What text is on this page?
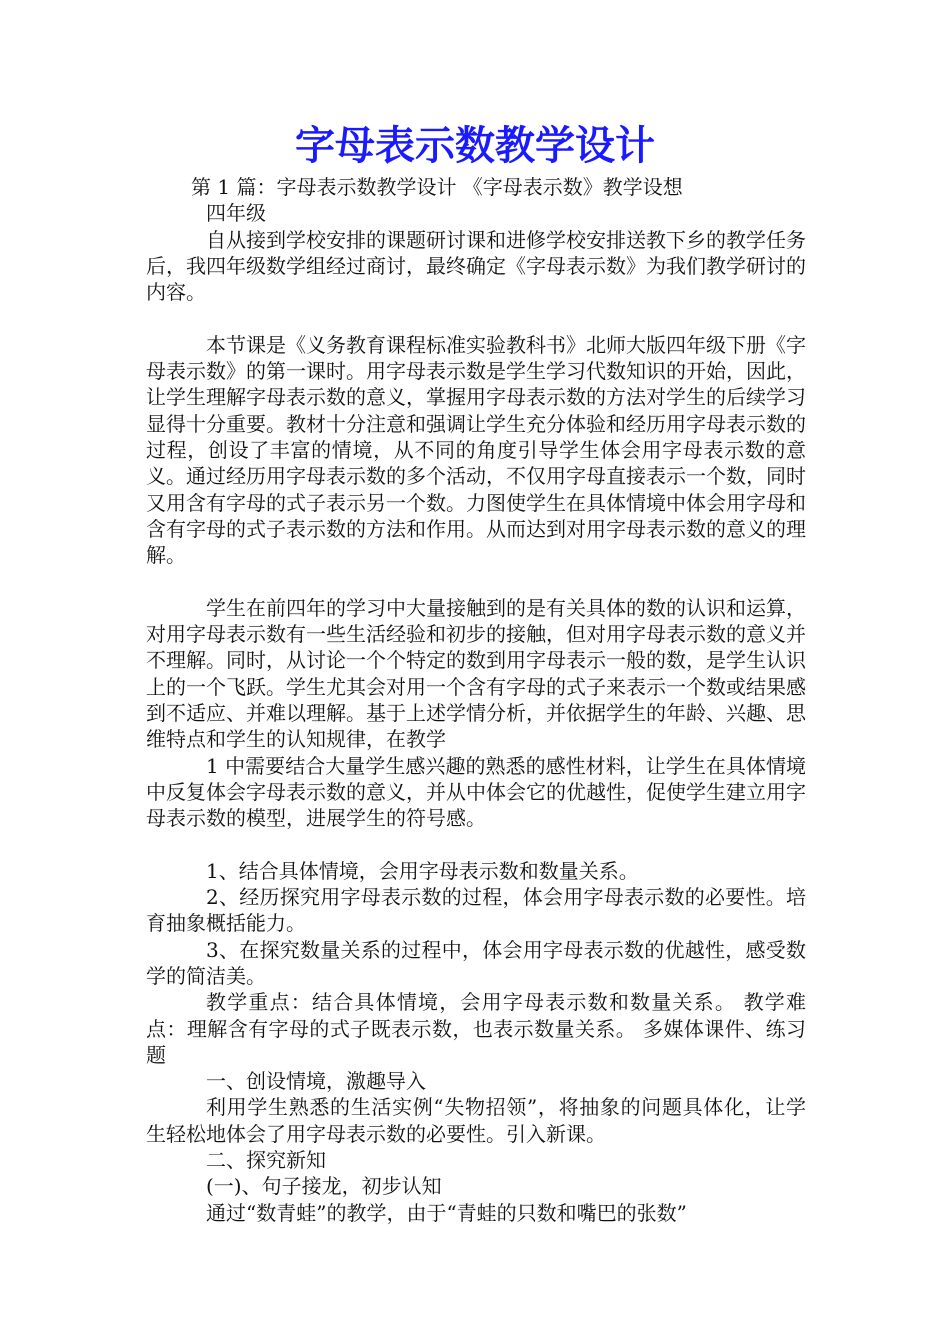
字母表示数教学设计

第 1 篇：字母表示数教学设计 《字母表示数》教学设想

四年级

自从接到学校安排的课题研讨课和进修学校安排送教下乡的教学任务后，我四年级数学组经过商讨，最终确定《字母表示数》为我们教学研讨的内容。

本节课是《义务教育课程标准实验教科书》北师大版四年级下册《字母表示数》的第一课时。用字母表示数是学生学习代数知识的开始，因此，让学生理解字母表示数的意义，掌握用字母表示数的方法对学生的后续学习显得十分重要。教材十分注意和强调让学生充分体验和经历用字母表示数的过程，创设了丰富的情境，从不同的角度引导学生体会用字母表示数的意义。通过经历用字母表示数的多个活动，不仅用字母直接表示一个数，同时又用含有字母的式子表示另一个数。力图使学生在具体情境中体会用字母和含有字母的式子表示数的方法和作用。从而达到对用字母表示数的意义的理解。

学生在前四年的学习中大量接触到的是有关具体的数的认识和运算，对用字母表示数有一些生活经验和初步的接触，但对用字母表示数的意义并不理解。同时，从讨论一个个特定的数到用字母表示一般的数，是学生认识上的一个飞跃。学生尤其会对用一个含有字母的式子来表示一个数或结果感到不适应、并难以理解。基于上述学情分析，并依据学生的年龄、兴趣、思维特点和学生的认知规律，在教学

1 中需要结合大量学生感兴趣的熟悉的感性材料，让学生在具体情境中反复体会字母表示数的意义，并从中体会它的优越性，促使学生建立用字母表示数的模型，进展学生的符号感。

1、结合具体情境，会用字母表示数和数量关系。

2、经历探究用字母表示数的过程，体会用字母表示数的必要性。培育抽象概括能力。

3、在探究数量关系的过程中，体会用字母表示数的优越性，感受数学的简洁美。

教学重点：结合具体情境，会用字母表示数和数量关系。 教学难点：理解含有字母的式子既表示数，也表示数量关系。 多媒体课件、练习题

一、创设情境，激趣导入

利用学生熟悉的生活实例“失物招领”，将抽象的问题具体化，让学生轻松地体会了用字母表示数的必要性。引入新课。

二、探究新知

(一)、句子接龙，初步认知

通过“数青蛙”的教学，由于“青蛙的只数和嘴巴的张数”
